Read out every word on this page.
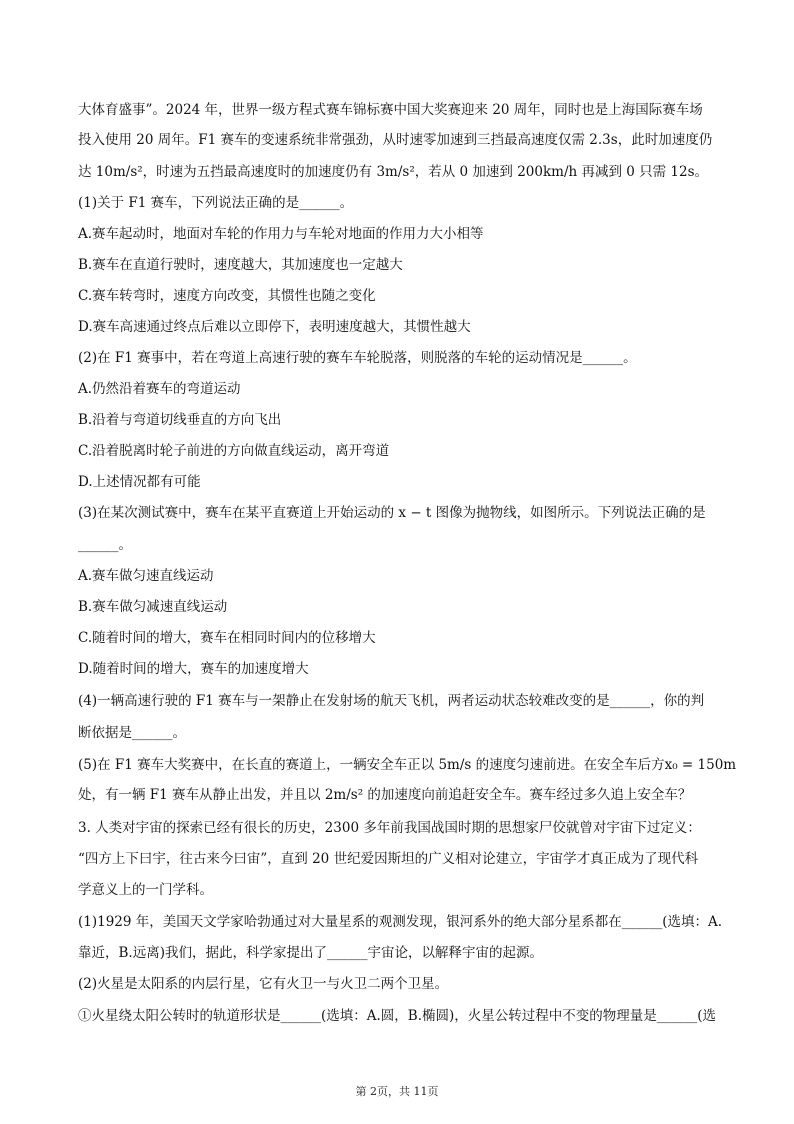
大体育盛事”。2024 年，世界一级方程式赛车锦标赛中国大奖赛迎来 20 周年，同时也是上海国际赛车场
投入使用 20 周年。F1 赛车的变速系统非常强劲，从时速零加速到三挡最高速度仅需 2.3s，此时加速度仍
达 10m/s²，时速为五挡最高速度时的加速度仍有 3m/s²，若从 0 加速到 200km/h 再减到 0 只需 12s。
(1)关于 F1 赛车，下列说法正确的是______。
A.赛车起动时，地面对车轮的作用力与车轮对地面的作用力大小相等
B.赛车在直道行驶时，速度越大，其加速度也一定越大
C.赛车转弯时，速度方向改变，其惯性也随之变化
D.赛车高速通过终点后难以立即停下，表明速度越大，其惯性越大
(2)在 F1 赛事中，若在弯道上高速行驶的赛车车轮脱落，则脱落的车轮的运动情况是______。
A.仍然沿着赛车的弯道运动
B.沿着与弯道切线垂直的方向飞出
C.沿着脱离时轮子前进的方向做直线运动，离开弯道
D.上述情况都有可能
(3)在某次测试赛中，赛车在某平直赛道上开始运动的 x − t 图像为抛物线，如图所示。下列说法正确的是
______。
A.赛车做匀速直线运动
B.赛车做匀减速直线运动
C.随着时间的增大，赛车在相同时间内的位移增大
D.随着时间的增大，赛车的加速度增大
(4)一辆高速行驶的 F1 赛车与一架静止在发射场的航天飞机，两者运动状态较难改变的是______，你的判
断依据是______。
(5)在 F1 赛车大奖赛中，在长直的赛道上，一辆安全车正以 5m/s 的速度匀速前进。在安全车后方x₀ = 150m
处，有一辆 F1 赛车从静止出发，并且以 2m/s² 的加速度向前追赶安全车。赛车经过多久追上安全车？
3. 人类对宇宙的探索已经有很长的历史，2300 多年前我国战国时期的思想家尸佼就曾对宇宙下过定义：
“四方上下曰宇，往古来今曰宙”，直到 20 世纪爱因斯坦的广义相对论建立，宇宙学才真正成为了现代科
学意义上的一门学科。
(1)1929 年，美国天文学家哈勃通过对大量星系的观测发现，银河系外的绝大部分星系都在______(选填：A.
靠近，B.远离)我们，据此，科学家提出了______宇宙论，以解释宇宙的起源。
(2)火星是太阳系的内层行星，它有火卫一与火卫二两个卫星。
①火星绕太阳公转时的轨道形状是______(选填：A.圆，B.椭圆)，火星公转过程中不变的物理量是______(选
第 2页，共 11页
